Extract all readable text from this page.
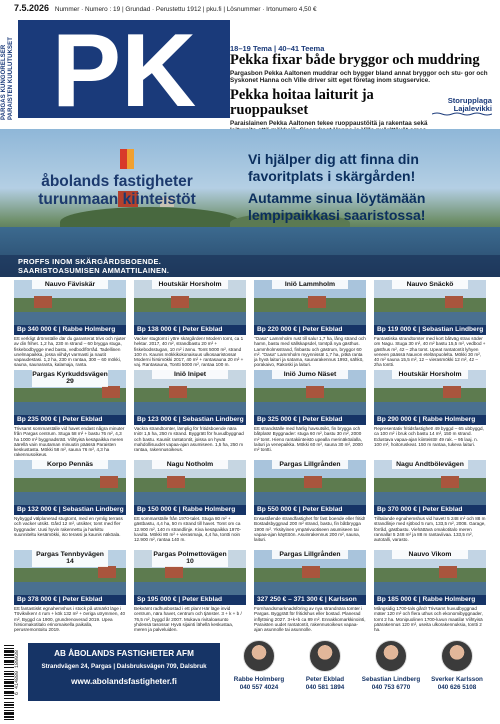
7.5.2026 Nummer · Numero : 19 | Grundad · Perustettu 1912 | pku.fi | Lösnummer · Irtonumero 4,50 €
PARGAS KUNGÖRELSER PARAISTEN KUULUTUKSET PK	18–19 Tema | 40–41 Teema
Pekka fixar både bryggor och muddring
Pargasbon Pekka Aaltonen muddrar och bygger bland annat bryggor och stu- gor och Syskonet Hanna och Ville driver sitt eget företag inom stugservice.
Pekka hoitaa laiturit ja ruoppaukset
Paraislainen Pekka Aaltonen tekee ruoppaustöitä ja rakentaa sekä
Storupplaga
Lajalevikki
åbolands fastigheter
turunmaan kiinteistöt
Vi hjälper dig att finna din favoritplats i skärgården!
Autamme sinua löytämään lempipaikkasi saaristossa!
PROFFS INOM SKÄRGÅRDSBOENDE.
SAARISTOASUMISEN AMMATTILAINEN.
Nauvo Fäviskär
Bp 340 000 € | Rabbe Holmberg
Ett verkligt drömställe där du garanterat trivs och njuter av din frihet. 1,2 ha, 230 m strand – 60 brygga stuga, fiskebodbygge med bastu, vedbod/förråd. Tadellinen unelmapaikka, jossa viihdyt varmasti ja nautit vapaudestasi. 1,2 ha, 230 m rantaa, 300 – 60 mökki, sauna, saunaranta, kalamaja, ranta.
Houtskär Horsholm
Bp 138 000 € | Peter Ekblad
Vacker stugtomt i yttre skärgården! Modern tomt, ca 1 hektar. 2017, 40 m², strandbastu 20 m² + fiskebodsstugan, 10 m² i ännu. Tomt 5000 m², strand 100 m. Kaunis mökkikokonaisuus ulkosaaristossa! Moderni hirsimökki 2017, 40 m² + rantasauna 20 m² + vaj. Rantasauna, Tontti 5000 m², rantaa 100 m.
Iniö Lammholm
Bp 220 000 € | Peter Ekblad
"Oasa" Lammholm rust till salu! 1,7 ha, lång strand och hamn, bastu med sällskapsdel, tomtpå nya gästhus. Lammholmsstrand, finbastu och gästrum, bryggor 60 m². "Oasa" Lammholm myynnissä! 1,7 ha, pitkä ranta ja hyvä laituri ja satama, saunarakennus 1993, sähkö, porakaivo, Rakoski ja laituri.
Nauvo Snäckö
Bp 119 000 € | Sebastian Lindberg
Fantastiska strandtomter med kort båtväg strax söder om Nagu. Stuga 30 m², 40 m² bastu 15,5 m², vedbod + gästhus m², 42 – 2ha tomt. Upeat rantatontit lyhyen veneen päässä Nauvon etelänpuolelta. Mökki 30 m², 40 m² sauna 15,5 m², 12 – vierasmökki 12 m², 42 – 2ha tontti.
Pargas Kyrkuddsvägen 29
Bp 235 000 € | Peter Ekblad
Trivsamt sommarställe vid havet endast några minuter från Pargas centrum. Stuga 58 m² + bastu 76 m², 4,3 ha 1000 m² byggnadsrätt. Viihtyisä kesäpaikka meren äärellä vain muutaman minuutin päässä Paraisten keskustasta. Mökki 58 m², sauna 76 m², 4,3 ha rakennusoikeus.
Iniö Inipet
Bp 123 000 € | Sebastian Lindberg
Vackra strandtomter, lämplig för fritidsboende nära Iniö! 1,5 ha, 250 m strand. Byggrätt för huvudbyggnad och bastu. Kauniit rantatontit, joissa on hyvät mahdollisuudet vapaa-ajan asumiseen. 1,5 ha, 250 m rantaa, rakennusoikeus.
Iniö Jumo Näset
Bp 325 000 € | Peter Ekblad
Ett strandställe med härlig havsutsikt, fin brygga och båtplats! Byggnader: stuga 60 m², bastu 30 m², 2000 m² tomt. Hieno rantakiinteistö upealla merinäköalalla, laituri ja venepaikka. Mökki 60 m², sauna 30 m², 2000 m² tontti.
Houtskär Horsholm
Bp 290 000 € | Rabbe Holmberg
Representativ fritidsfastighet! 49 byggd – 65 ubbyggd, ca 100 m² i bruk och bastu 14 m², 150 m strand. Edustava vapaa-ajan kiinteistö! 49 rak. – 95 laaj. n. 100 m², hoitoruskeat. 150 m rantaa, tukeva laituri.
Korpo Pennäs
Bp 132 000 € | Sebastian Lindberg
Nybyggd välplanerad stugtomt, med en rymlig terrass och vacker utsikt. Gård 12 m², utsikter, tomt med fler byggnader. Uusi hyvin rakennettu ja harkittu suunniteltu kesämökki, iso terassi ja kaunis näköala.
Nagu Notholm
Bp 150 000 € | Rabbe Holmberg
Ett sommarställe från 1970-talet. Stuga 80 m² + gästbastu, 4,4 ha, 50 m strand till havet. Tomt om ca 12.900 m², 140 m strandlinje. Kiva kesäpaikka 1970-luvulta. Mökki 80 m² + vierasmaja, 4,4 ha, tontti noin 12.900 m², rantaa 140 m.
Pargas Lillgrånden
Bp 550 000 € | Peter Ekblad
Ensastående strandfastighet för fast boende eller fritid! Bostadsbyggnad 200 m² strand, bastu, fin båtbrygga 1900 m². Yksityinen ympärivuotiseen asumiseen tai vapaa-ajan käyttöön. Asuinrakennus 200 m², sauna, laituri.
Nagu Andtbölevägen
Bp 370 000 € | Peter Ekblad
Tilltalande egnahemshus vid havet! 5 248 m² och 88 m strandlinje med sjöbod 5 rum, 133,5 m², 2008. Garage, förråd, gästbastu. Viehättävä omakotitalo meren rannalla! 5 248 m² ja 88 m rantaviivaa. 133,5 m², autotalli, varasto.
Pargas Tennbyvägen 14
Bp 378 000 € | Peter Ekblad
Ett fantastiskt egnahemshus i stock på utmärkt läge i Tövikviken! 4 rum + kök 132 m² + övriga utrymmen, 40 m², Byggd ca 1900, grundrenoverad 2019. Upea hirsiomakotitalo erinomaisella paikalla, perusremontoitu 2019.
Pargas Polmettovägen 10
Sp 195 000 € | Peter Ekblad
Bekvämt radhusbostad i ett plan! Här läge invid centrum, nära havet, centrum och tjänster. 3 + k + b / 76,5 m², byggd år 2007. Mukava rivitaloasunto yhdessä tasossa! Hyvä sijainti lähellä keskustaa, meren ja palveluiden.
Pargas Lillgrånden
327 250 € – 371 300 € | Karlsson
Fornhandsmarknadsföring av nya strandnära tomter i Pargas. Byggrätt för fritidshus eller bostad. Planerad inflyttning 2027. 3+k+b ca 89 m². Ennakkomarkkinointi, Paraisten uudet rantatontit, rakennusoikeus vapaa-ajan asunnolle tai asunnolle.
Nauvo Vikom
Bp 185 000 € | Rabbe Holmberg
Mångsidig 1700-tals gård! Trivsamt huvudbyggnad mäter 120 m² och flera uthus och ekonomibyggnader, tomt 2 ha. Monipuolinen 1700-luvun maatila! Viihtyisä päärakennus 120 m², useita ulkorakennuksia, tontti 2 ha.
6 414880 189938	AB ÅBOLANDS FASTIGHETER AFM
Strandvägen 24, Pargas | Dalsbruksvägen 709, Dalsbruk
www.abolandsfastigheter.fi	Rabbe Holmberg
040 557 4024
Peter Ekblad
040 581 1894
Sebastian Lindberg
040 753 6770
Sverker Karlsson
040 626 5108
